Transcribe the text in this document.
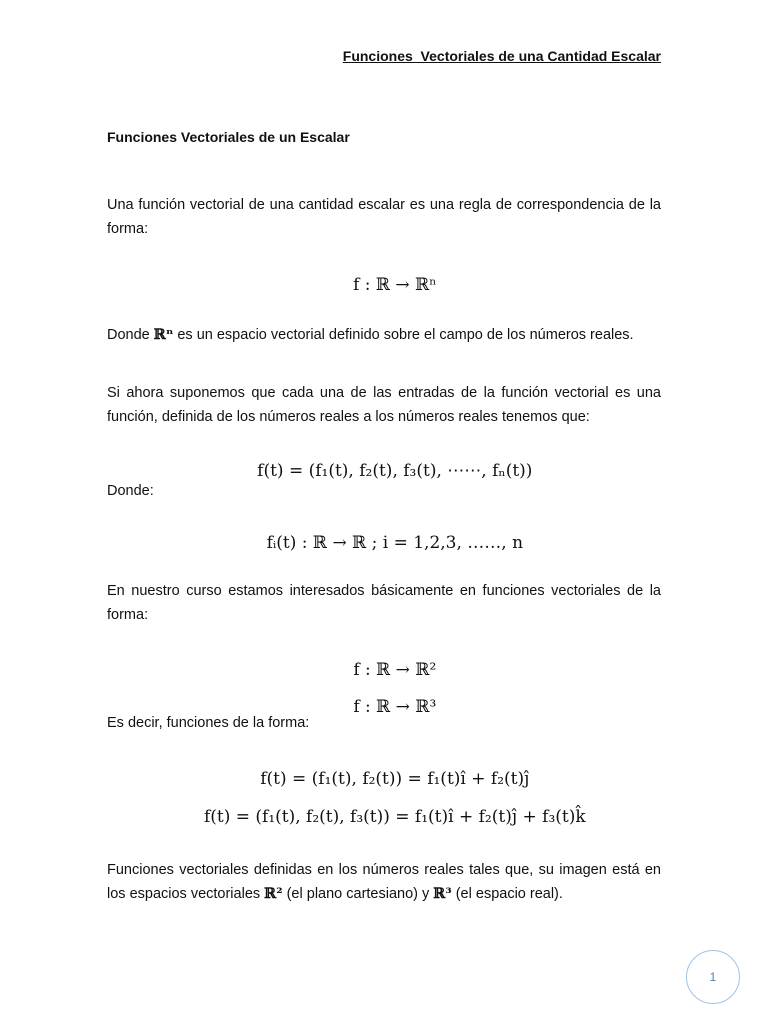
Funciones  Vectoriales de una Cantidad Escalar
Funciones Vectoriales de un Escalar
Una función vectorial de una cantidad escalar es una regla de correspondencia de la forma:

f : ℝ → ℝⁿ

Donde ℝⁿ es un espacio vectorial definido sobre el campo de los números reales.
Si ahora suponemos que cada una de las entradas de la función vectorial es una función, definida de los números reales a los números reales tenemos que:

f(t) = (f₁(t), f₂(t), f₃(t), ⋯⋯, fₙ(t))

Donde:

fᵢ(t) : ℝ → ℝ ; i = 1,2,3, ……, n

En nuestro curso estamos interesados básicamente en funciones vectoriales de la forma:

f : ℝ → ℝ²

f : ℝ → ℝ³

Es decir, funciones de la forma:

f(t) = (f₁(t), f₂(t)) = f₁(t)î + f₂(t)ĵ

f(t) = (f₁(t), f₂(t), f₃(t)) = f₁(t)î + f₂(t)ĵ + f₃(t)k̂

Funciones vectoriales definidas en los números reales tales que, su imagen está en los espacios vectoriales ℝ² (el plano cartesiano) y ℝ³ (el espacio real).
1
